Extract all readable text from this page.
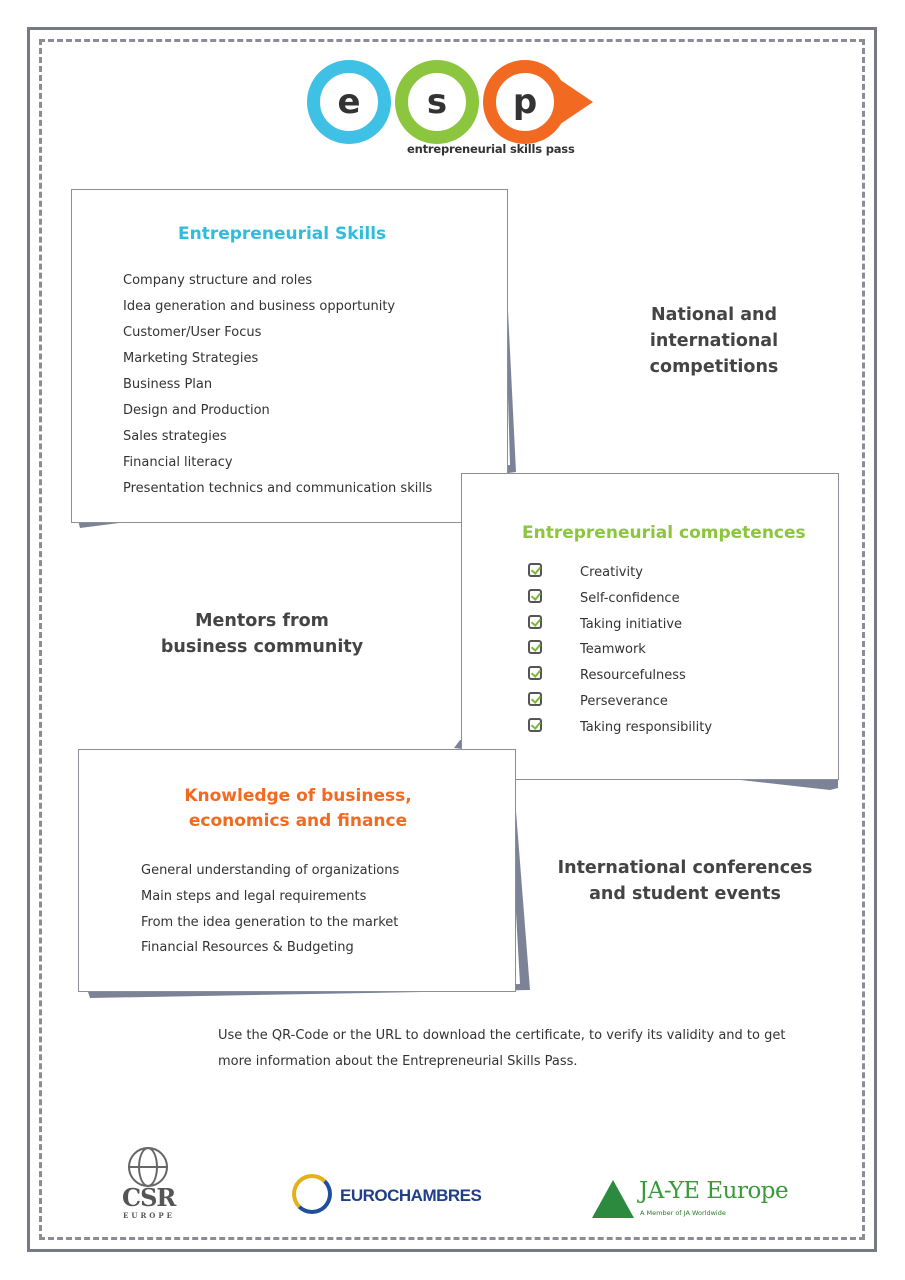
e	s	p
entrepreneurial skills pass
Entrepreneurial Skills
Company structure and roles
Idea generation and business opportunity
Customer/User Focus
Marketing Strategies
Business Plan
Design and Production
Sales strategies
Financial literacy
Presentation technics and communication skills
National and international
competitions
Entrepreneurial competences
Creativity
Self-confidence
Taking initiative
Teamwork
Resourcefulness
Perseverance
Taking responsibility
Mentors from
business community
Knowledge of business,
economics and finance
General understanding of organizations
Main steps and legal requirements
From the idea generation to the market
Financial Resources & Budgeting
International conferences
and student events
Use the QR-Code or the URL to download the certificate, to verify its validity and to get more information about the Entrepreneurial Skills Pass.
CSR
EUROPE
EUROCHAMBRES	JA-YE Europe
A Member of JA Worldwide
